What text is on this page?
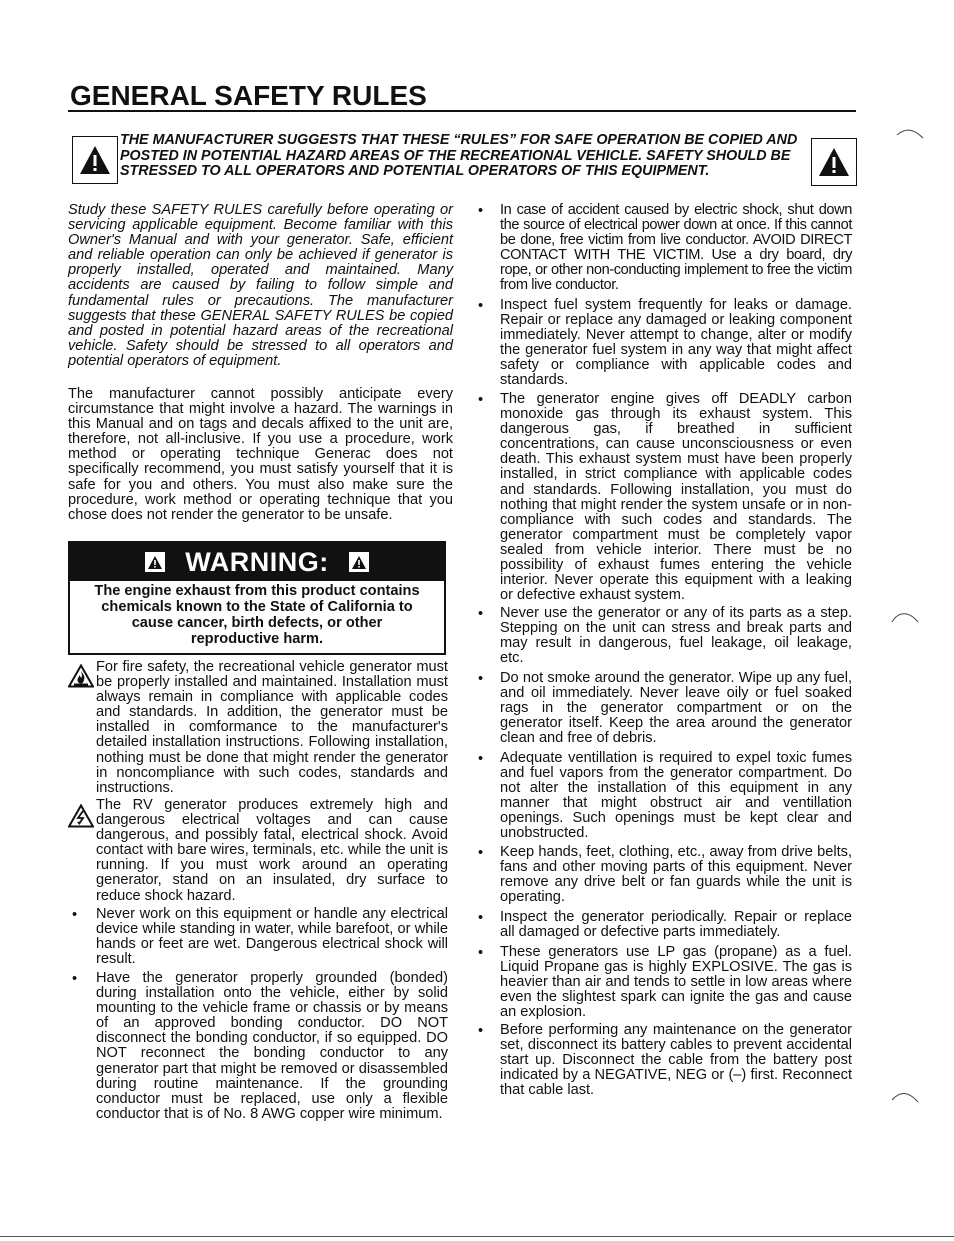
GENERAL SAFETY RULES

THE MANUFACTURER SUGGESTS THAT THESE “RULES” FOR SAFE OPERATION BE COPIED AND POSTED IN POTENTIAL HAZARD AREAS OF THE RECREATIONAL VEHICLE. SAFETY SHOULD BE STRESSED TO ALL OPERATORS AND POTENTIAL OPERATORS OF THIS EQUIPMENT.

Study these SAFETY RULES carefully before operating or servicing applicable equipment. Become familiar with this Owner's Manual and with your generator. Safe, efficient and reliable operation can only be achieved if generator is properly installed, operated and maintained. Many accidents are caused by failing to follow simple and fundamental rules or precautions. The manufacturer suggests that these GENERAL SAFETY RULES be copied and posted in potential hazard areas of the recreational vehicle. Safety should be stressed to all operators and potential operators of equipment.

The manufacturer cannot possibly anticipate every circumstance that might involve a hazard. The warnings in this Manual and on tags and decals affixed to the unit are, therefore, not all-inclusive. If you use a procedure, work method or operating technique Generac does not specifically recommend, you must satisfy yourself that it is safe for you and others. You must also make sure the procedure, work method or operating technique that you chose does not render the generator to be unsafe.

WARNING:

The engine exhaust from this product contains chemicals known to the State of California to cause cancer, birth defects, or other reproductive harm.

For fire safety, the recreational vehicle generator must be properly installed and maintained. Installation must always remain in compliance with applicable codes and standards. In addition, the generator must be installed in comformance to the manufacturer's detailed installation instructions. Following installation, nothing must be done that might render the generator in noncompliance with such codes, standards and instructions.

The RV generator produces extremely high and dangerous electrical voltages and can cause dangerous, and possibly fatal, electrical shock. Avoid contact with bare wires, terminals, etc. while the unit is running. If you must work around an operating generator, stand on an insulated, dry surface to reduce shock hazard.

•	Never work on this equipment or handle any electrical device while standing in water, while barefoot, or while hands or feet are wet. Dangerous electrical shock will result.

•	Have the generator properly grounded (bonded) during installation onto the vehicle, either by solid mounting to the vehicle frame or chassis or by means of an approved bonding conductor. DO NOT disconnect the bonding conductor, if so equipped. DO NOT reconnect the bonding conductor to any generator part that might be removed or disassembled during routine maintenance. If the grounding conductor must be replaced, use only a flexible conductor that is of No. 8 AWG copper wire minimum.

•	In case of accident caused by electric shock, shut down the source of electrical power down at once. If this cannot be done, free victim from live conductor. AVOID DIRECT CONTACT WITH THE VICTIM. Use a dry board, dry rope, or other non-conducting implement to free the victim from live conductor.

•	Inspect fuel system frequently for leaks or damage. Repair or replace any damaged or leaking component immediately. Never attempt to change, alter or modify the generator fuel system in any way that might affect safety or compliance with applicable codes and standards.

•	The generator engine gives off DEADLY carbon monoxide gas through its exhaust system. This dangerous gas, if breathed in sufficient concentrations, can cause unconsciousness or even death. This exhaust system must have been properly installed, in strict compliance with applicable codes and standards. Following installation, you must do nothing that might render the system unsafe or in non-compliance with such codes and standards. The generator compartment must be completely vapor sealed from vehicle interior. There must be no possibility of exhaust fumes entering the vehicle interior. Never operate this equipment with a leaking or defective exhaust system.

•	Never use the generator or any of its parts as a step. Stepping on the unit can stress and break parts and may result in dangerous, fuel leakage, oil leakage, etc.

•	Do not smoke around the generator. Wipe up any fuel, and oil immediately. Never leave oily or fuel soaked rags in the generator compartment or on the generator itself. Keep the area around the generator clean and free of debris.

•	Adequate ventillation is required to expel toxic fumes and fuel vapors from the generator compartment. Do not alter the installation of this equipment in any manner that might obstruct air and ventillation openings. Such openings must be kept clear and unobstructed.

•	Keep hands, feet, clothing, etc., away from drive belts, fans and other moving parts of this equipment. Never remove any drive belt or fan guards while the unit is operating.

•	Inspect the generator periodically. Repair or replace all damaged or defective parts immediately.

•	These generators use LP gas (propane) as a fuel. Liquid Propane gas is highly EXPLOSIVE. The gas is heavier than air and tends to settle in low areas where even the slightest spark can ignite the gas and cause an explosion.

•	Before performing any maintenance on the generator set, disconnect its battery cables to prevent accidental start up. Disconnect the cable from the battery post indicated by a NEGATIVE, NEG or (–) first. Reconnect that cable last.
